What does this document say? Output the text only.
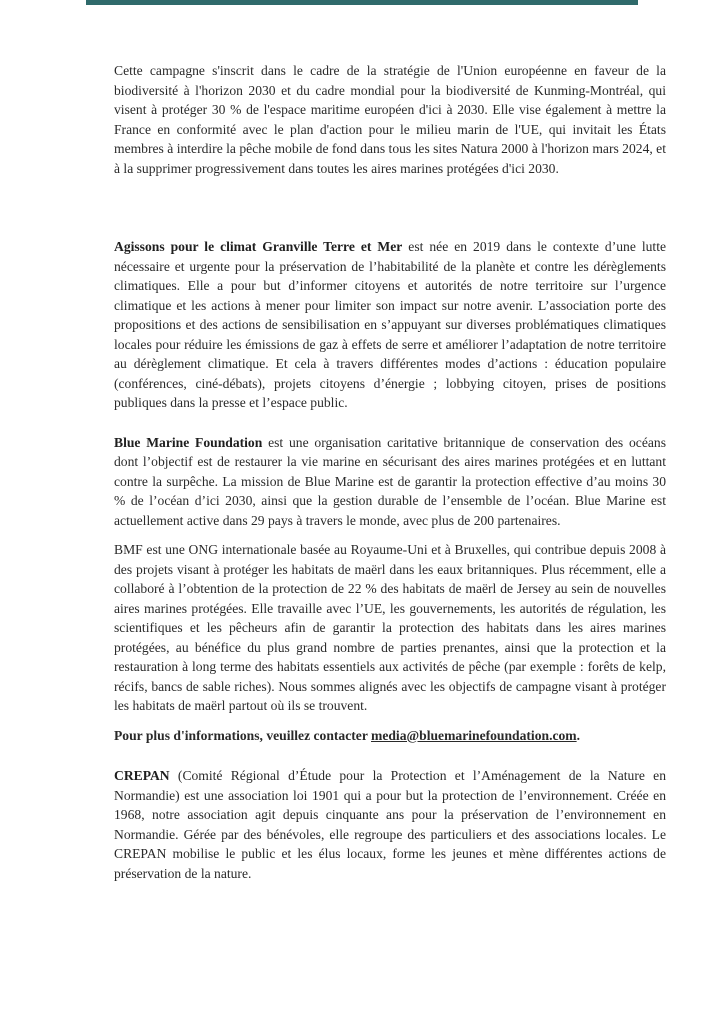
Cette campagne s'inscrit dans le cadre de la stratégie de l'Union européenne en faveur de la biodiversité à l'horizon 2030 et du cadre mondial pour la biodiversité de Kunming-Montréal, qui visent à protéger 30 % de l'espace maritime européen d'ici à 2030. Elle vise également à mettre la France en conformité avec le plan d'action pour le milieu marin de l'UE, qui invitait les États membres à interdire la pêche mobile de fond dans tous les sites Natura 2000 à l'horizon mars 2024, et à la supprimer progressivement dans toutes les aires marines protégées d'ici 2030.

Agissons pour le climat Granville Terre et Mer est née en 2019 dans le contexte d’une lutte nécessaire et urgente pour la préservation de l’habitabilité de la planète et contre les dérèglements climatiques. Elle a pour but d’informer citoyens et autorités de notre territoire sur l’urgence climatique et les actions à mener pour limiter son impact sur notre avenir. L’association porte des propositions et des actions de sensibilisation en s’appuyant sur diverses problématiques climatiques locales pour réduire les émissions de gaz à effets de serre et améliorer l’adaptation de notre territoire au dérèglement climatique. Et cela à travers différentes modes d’actions : éducation populaire (conférences, ciné-débats), projets citoyens d’énergie ; lobbying citoyen, prises de positions publiques dans la presse et l’espace public.

Blue Marine Foundation est une organisation caritative britannique de conservation des océans dont l’objectif est de restaurer la vie marine en sécurisant des aires marines protégées et en luttant contre la surpêche. La mission de Blue Marine est de garantir la protection effective d’au moins 30 % de l’océan d’ici 2030, ainsi que la gestion durable de l’ensemble de l’océan. Blue Marine est actuellement active dans 29 pays à travers le monde, avec plus de 200 partenaires.

BMF est une ONG internationale basée au Royaume-Uni et à Bruxelles, qui contribue depuis 2008 à des projets visant à protéger les habitats de maërl dans les eaux britanniques. Plus récemment, elle a collaboré à l’obtention de la protection de 22 % des habitats de maërl de Jersey au sein de nouvelles aires marines protégées. Elle travaille avec l’UE, les gouvernements, les autorités de régulation, les scientifiques et les pêcheurs afin de garantir la protection des habitats dans les aires marines protégées, au bénéfice du plus grand nombre de parties prenantes, ainsi que la protection et la restauration à long terme des habitats essentiels aux activités de pêche (par exemple : forêts de kelp, récifs, bancs de sable riches). Nous sommes alignés avec les objectifs de campagne visant à protéger les habitats de maërl partout où ils se trouvent.

Pour plus d'informations, veuillez contacter media@bluemarinefoundation.com.

CREPAN (Comité Régional d’Étude pour la Protection et l’Aménagement de la Nature en Normandie) est une association loi 1901 qui a pour but la protection de l’environnement. Créée en 1968, notre association agit depuis cinquante ans pour la préservation de l’environnement en Normandie. Gérée par des bénévoles, elle regroupe des particuliers et des associations locales. Le CREPAN mobilise le public et les élus locaux, forme les jeunes et mène différentes actions de préservation de la nature.
